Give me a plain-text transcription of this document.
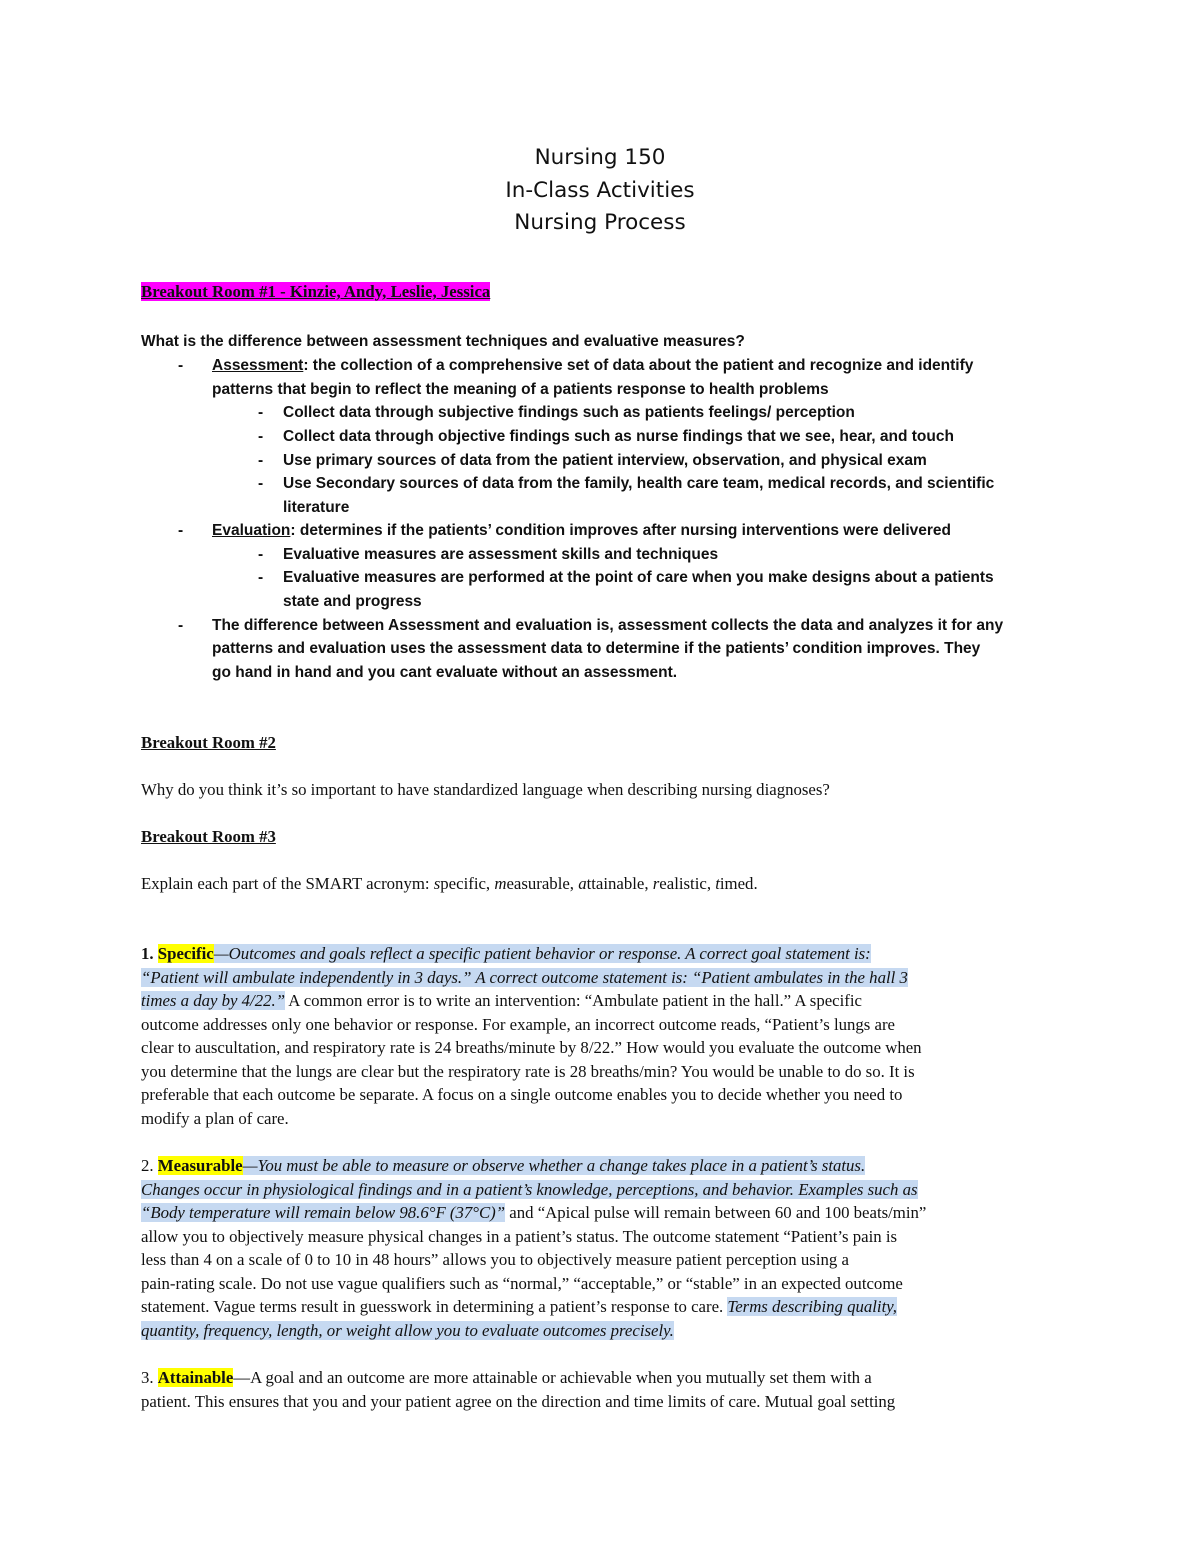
Nursing 150
In-Class Activities
Nursing Process
Breakout Room #1 - Kinzie, Andy, Leslie, Jessica
What is the difference between assessment techniques and evaluative measures?
- Assessment: the collection of a comprehensive set of data about the patient and recognize and identify
patterns that begin to reflect the meaning of a patients response to health problems
- Collect data through subjective findings such as patients feelings/ perception
- Collect data through objective findings such as nurse findings that we see, hear, and touch
- Use primary sources of data from the patient interview, observation, and physical exam
- Use Secondary sources of data from the family, health care team, medical records, and scientific
literature
- Evaluation: determines if the patients’ condition improves after nursing interventions were delivered
- Evaluative measures are assessment skills and techniques
- Evaluative measures are performed at the point of care when you make designs about a patients
state and progress
- The difference between Assessment and evaluation is, assessment collects the data and analyzes it for any
patterns and evaluation uses the assessment data to determine if the patients’ condition improves. They
go hand in hand and you cant evaluate without an assessment.
Breakout Room #2
Why do you think it’s so important to have standardized language when describing nursing diagnoses?
Breakout Room #3
Explain each part of the SMART acronym: specific, measurable, attainable, realistic, timed.
1. Specific—Outcomes and goals reflect a specific patient behavior or response. A correct goal statement is:
“Patient will ambulate independently in 3 days.” A correct outcome statement is: “Patient ambulates in the hall 3
times a day by 4/22.” A common error is to write an intervention: “Ambulate patient in the hall.” A specific
outcome addresses only one behavior or response. For example, an incorrect outcome reads, “Patient’s lungs are
clear to auscultation, and respiratory rate is 24 breaths/minute by 8/22.” How would you evaluate the outcome when
you determine that the lungs are clear but the respiratory rate is 28 breaths/min? You would be unable to do so. It is
preferable that each outcome be separate. A focus on a single outcome enables you to decide whether you need to
modify a plan of care.
2. Measurable—You must be able to measure or observe whether a change takes place in a patient’s status.
Changes occur in physiological findings and in a patient’s knowledge, perceptions, and behavior. Examples such as
“Body temperature will remain below 98.6°F (37°C)” and “Apical pulse will remain between 60 and 100 beats/min”
allow you to objectively measure physical changes in a patient’s status. The outcome statement “Patient’s pain is
less than 4 on a scale of 0 to 10 in 48 hours” allows you to objectively measure patient perception using a
pain-rating scale. Do not use vague qualifiers such as “normal,” “acceptable,” or “stable” in an expected outcome
statement. Vague terms result in guesswork in determining a patient’s response to care. Terms describing quality,
quantity, frequency, length, or weight allow you to evaluate outcomes precisely.
3. Attainable—A goal and an outcome are more attainable or achievable when you mutually set them with a
patient. This ensures that you and your patient agree on the direction and time limits of care. Mutual goal setting
